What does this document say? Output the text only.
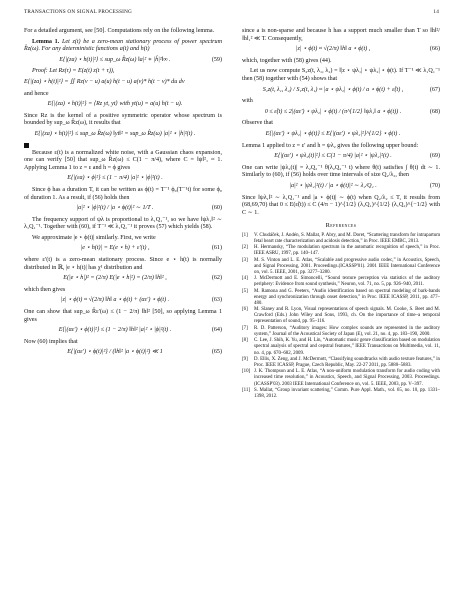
TRANSACTIONS ON SIGNAL PROCESSING	14

For a detailed argument, see [50]. Computations rely on the following lemma.

Lemma 1. Let z(t) be a zero-mean stationary process of power spectrum R̂z(ω). For any deterministic functions a(t) and h(t)

E{|(za) ⋆ h(t)|²} ≤ sup_ω R̂z(ω) ‖a|² ∗ |ĥ|²‖∞ .	(59)

Proof: Let Rz(τ) = E(z(t) z(t + τ)),

E{|(za) ⋆ h(t)|²} = ∬ Rz(v − u) a(u) h(t − u) a(v)* h(t − v)* du dv

and hence

E{|(za) ⋆ h(t)|²} = ⟨Rz yt, yt⟩ with yt(u) = a(u) h(t − u).

Since Rz is the kernel of a positive symmetric operator whose spectrum is bounded by sup_ω R̂z(ω), it results that

E{|(za) ⋆ h(t)|²} ≤ sup_ω R̂z(ω) ‖yt‖² = sup_ω R̂z(ω) |a|² ⋆ |h|²(t) .

Because ε(t) is a normalized white noise, with a Gaussian chaos expansion, one can verify [50] that sup_ω R̂z(ω) ≤ C(1 − π/4), where C = ‖ψ‖²₁ ≈ 1. Applying Lemma 1 to z = ε and h = ϕ gives

E{|(εa) ⋆ ϕ|²} ≤ (1 − π/4) |a|² ⋆ |ϕ|²(t) .

Since ϕ has a duration T, it can be written as ϕ(t) = T⁻¹ ϕ₀(T⁻¹t) for some ϕ₀ of duration 1. As a result, if (56) holds then

|a|² ⋆ |ϕ|²(t) / |a ⋆ ϕ(t)|² ∼ 1/T .	(60)

The frequency support of ψλ is proportional to λ₁Q₁⁻¹, so we have ‖ψλ₁‖² ∼ λ₁Q₁⁻¹. Together with (60), if T⁻¹ ≪ λ₁Q₁⁻¹ it proves (57) which yields (58).

We approximate |e ⋆ ϕ(t)| similarly. First, we write

|e ⋆ h(t)| = E(e ⋆ h) + ε′(t) ,	(61)

where ε′(t) is a zero-mean stationary process. Since e ⋆ h(t) is normally distributed in ℝ, |e ⋆ h(t)| has χ¹ distribution and

E(|e ⋆ h|)² = (2/π) E(|e ⋆ h|²) = (2/π) ‖h‖² ,	(62)

which then gives

|z| ⋆ ϕ(t) ≈ √(2/π) ‖h‖ a ⋆ ϕ(t) + (αε′) ⋆ ϕ(t) .	(63)

One can show that sup_ω R̂ε′(ω) ≤ (1 − 2/π) ‖h‖² [50], so applying Lemma 1 gives

E{|(αε′) ⋆ ϕ(t)|²} ≤ (1 − 2/π) ‖h‖² |a|² ⋆ |ϕ|²(t) .	(64)

Now (60) implies that

E{|(αε′) ⋆ ϕ(t)|²} / (‖h‖² |a ⋆ ϕ(t)|²) ≪ 1	(65)

since a is non-sparse and because h has a support much smaller than T so ‖h‖²/‖h‖₁² ≪ T. Consequently,

|z| ⋆ ϕ(t) ≈ √(2/π) ‖h‖ a ⋆ ϕ(t) ,	(66)

which, together with (58) gives (44).

Let us now compute S₂z(t, λ₁, λ₂) = ‖|z ⋆ ψλ₁| ⋆ ψλ₂| ⋆ ϕ(t). If T⁻¹ ≪ λ₁Q₁⁻¹ then (58) together with (54) shows that

S₂z(t, λ₁, λ₂) / S₁z(t, λ₁) ≈ |a ⋆ ψλ₂| ⋆ ϕ(t) / a ⋆ ϕ(t) + ε̃(t) ,	(67)

with

0 ≤ ε̃(t) ≤ 2|(αε′) ⋆ ψλ₂| ⋆ ϕ(t) / (π^{1/2} ‖ψλ₁‖ a ⋆ ϕ(t)) .	(68)

Observe that

E{|(αε′) ⋆ ψλ₂| ⋆ ϕ(t)} ≤ E{|(αε′) ⋆ ψλ₂|²}^{1/2} ⋆ ϕ(t) .

Lemma 1 applied to z = ε′ and h = ψλ₂ gives the following upper bound:

E{|(αε′) ⋆ ψλ₂(t)|²} ≤ C(1 − π/4) |a|² ⋆ |ψλ₂|²(t) .	(69)

One can write |ψλ₂(t)| = λ₂Q₂⁻¹ θ(λ₂Q₂⁻¹ t) where θ(t) satisfies ∫ θ(t) dt ∼ 1. Similarly to (60), if (56) holds over time intervals of size Q₂/λ₂, then

|a|² ⋆ |ψλ₂|²(t) / |a ⋆ ϕ(t)|² ∼ λ₂/Q₂ .	(70)

Since ‖ψλ₁‖² ∼ λ₁Q₁⁻¹ and |a ⋆ ϕ(t)| ∼ ϕ(t) when Q₂/λ₂ ≤ T, it results from (68,69,70) that 0 ≤ E(ε̃(t)) ≤ C (4/π − 1)^{1/2} (λ₂Q₁)^{1/2} (λ₁Q₂)^{−1/2} with C ∼ 1.

References
[1] V. Chudáček, J. Andén, S. Mallat, P. Abry, and M. Doret, “Scattering transform for intrapartum fetal heart rate characterization and acidosis detection,” in Proc. IEEE EMBC, 2013.
[2] H. Hermansky, “The modulation spectrum in the automatic recognition of speech,” in Proc. IEEE ASRU, 1997, pp. 140–147.
[3] M. S. Vinton and L. E. Atlas, “Scalable and progressive audio codec,” in Acoustics, Speech, and Signal Processing, 2001. Proceedings.(ICASSP'01). 2001 IEEE International Conference on, vol. 5. IEEE, 2001, pp. 3277–3280.
[4] J. McDermott and E. Simoncelli, “Sound texture perception via statistics of the auditory periphery: Evidence from sound synthesis,” Neuron, vol. 71, no. 5, pp. 926–940, 2011.
[5] M. Ramona and G. Peeters, “Audio identification based on spectral modeling of bark-bands energy and synchronization through onset detection,” in Proc. IEEE ICASSP, 2011, pp. 477–480.
[6] M. Slaney and R. Lyon, Visual representations of speech signals. M. Cooke, S. Beet and M. Crawford (Eds.) John Wiley and Sons, 1993, ch. On the importance of time–a temporal representation of sound, pp. 95–116.
[7] R. D. Patterson, “Auditory images: How complex sounds are represented in the auditory system,” Journal of the Acoustical Society of Japan (E), vol. 21, no. 4, pp. 183–190, 2000.
[8] C. Lee, J. Shih, K. Yu, and H. Lin, “Automatic music genre classification based on modulation spectral analysis of spectral and cepstral features,” IEEE Transactions on Multimedia, vol. 11, no. 4, pp. 670–682, 2009.
[9] D. Ellis, X. Zeng, and J. McDermott, “Classifying soundtracks with audio texture features,” in Proc. IEEE ICASSP, Prague, Czech Republic, May. 22-27 2011, pp. 5880–5883.
[10] J. K. Thompson and L. E. Atlas, “A non-uniform modulation transform for audio coding with increased time resolution,” in Acoustics, Speech, and Signal Processing, 2003. Proceedings.(ICASSP'03). 2003 IEEE International Conference on, vol. 5. IEEE, 2003, pp. V–397.
[11] S. Mallat, “Group invariant scattering,” Comm. Pure Appl. Math., vol. 65, no. 10, pp. 1331–1398, 2012.
